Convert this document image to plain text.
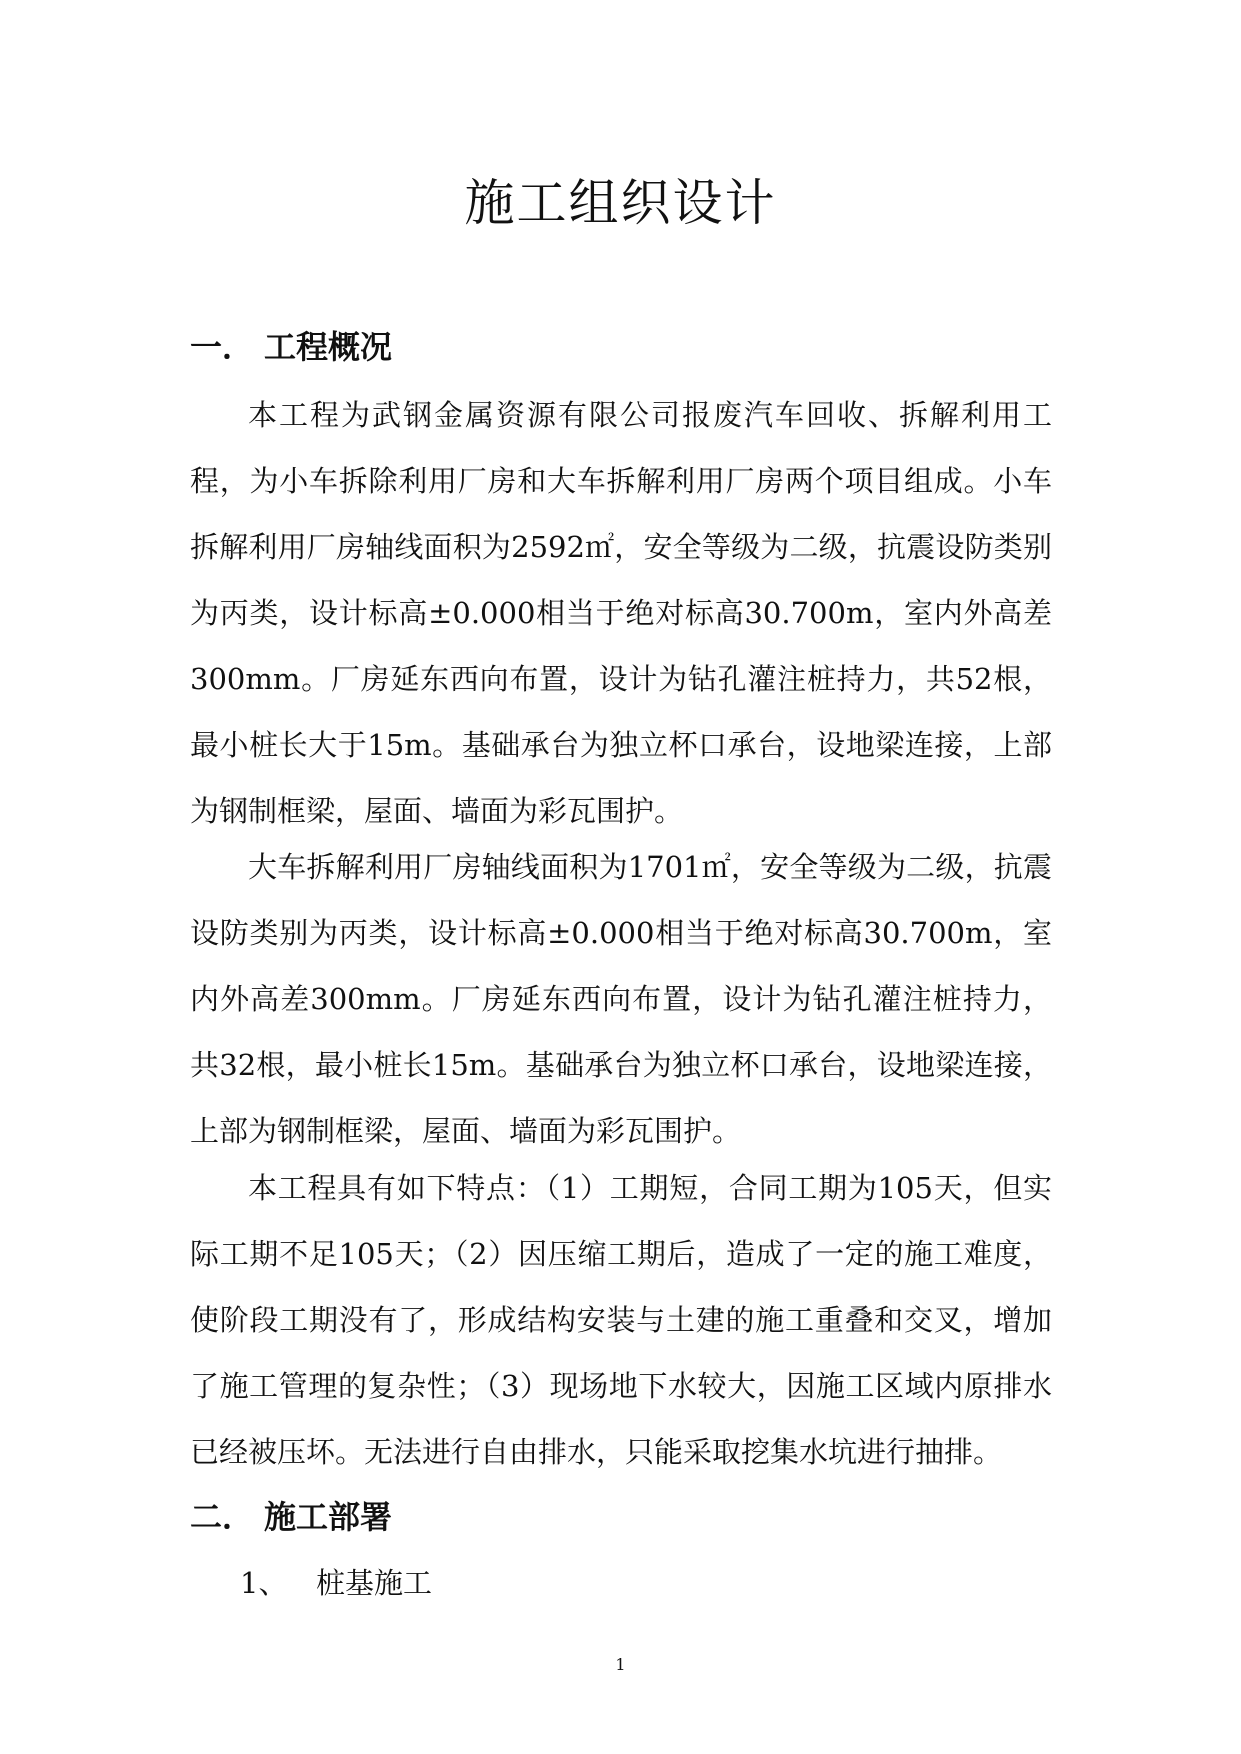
施工组织设计
一． 工程概况

本工程为武钢金属资源有限公司报废汽车回收、拆解利用工程，为小车拆除利用厂房和大车拆解利用厂房两个项目组成。小车拆解利用厂房轴线面积为2592㎡，安全等级为二级，抗震设防类别为丙类，设计标高±0.000相当于绝对标高30.700m，室内外高差300mm。厂房延东西向布置，设计为钻孔灌注桩持力，共52根，最小桩长大于15m。基础承台为独立杯口承台，设地梁连接，上部为钢制框梁，屋面、墙面为彩瓦围护。

大车拆解利用厂房轴线面积为1701㎡，安全等级为二级，抗震设防类别为丙类，设计标高±0.000相当于绝对标高30.700m，室内外高差300mm。厂房延东西向布置，设计为钻孔灌注桩持力，共32根，最小桩长15m。基础承台为独立杯口承台，设地梁连接，上部为钢制框梁，屋面、墙面为彩瓦围护。

本工程具有如下特点：（1）工期短，合同工期为105天，但实际工期不足105天；（2）因压缩工期后，造成了一定的施工难度，使阶段工期没有了，形成结构安装与土建的施工重叠和交叉，增加了施工管理的复杂性；（3）现场地下水较大，因施工区域内原排水已经被压坏。无法进行自由排水，只能采取挖集水坑进行抽排。

二． 施工部署
1、 桩基施工
1
